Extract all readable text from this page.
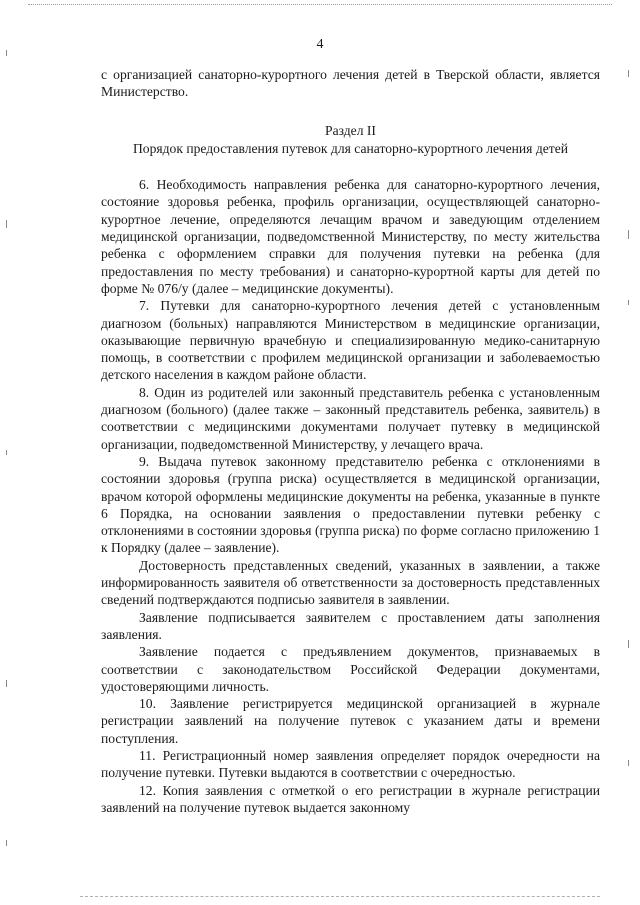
4

с организацией санаторно-курортного лечения детей в Тверской области, является Министерство.

Раздел II

Порядок предоставления путевок для санаторно-курортного лечения детей

6. Необходимость направления ребенка для санаторно-курортного лечения, состояние здоровья ребенка, профиль организации, осуществляющей санаторно-курортное лечение, определяются лечащим врачом и заведующим отделением медицинской организации, подведомственной Министерству, по месту жительства ребенка с оформлением справки для получения путевки на ребенка (для предоставления по месту требования) и санаторно-курортной карты для детей по форме № 076/у (далее – медицинские документы).

7. Путевки для санаторно-курортного лечения детей с установленным диагнозом (больных) направляются Министерством в медицинские организации, оказывающие первичную врачебную и специализированную медико-санитарную помощь, в соответствии с профилем медицинской организации и заболеваемостью детского населения в каждом районе области.

8. Один из родителей или законный представитель ребенка с установленным диагнозом (больного) (далее также – законный представитель ребенка, заявитель) в соответствии с медицинскими документами получает путевку в медицинской организации, подведомственной Министерству, у лечащего врача.

9. Выдача путевок законному представителю ребенка с отклонениями в состоянии здоровья (группа риска) осуществляется в медицинской организации, врачом которой оформлены медицинские документы на ребенка, указанные в пункте 6 Порядка, на основании заявления о предоставлении путевки ребенку с отклонениями в состоянии здоровья (группа риска) по форме согласно приложению 1 к Порядку (далее – заявление).

Достоверность представленных сведений, указанных в заявлении, а также информированность заявителя об ответственности за достоверность представленных сведений подтверждаются подписью заявителя в заявлении.

Заявление подписывается заявителем с проставлением даты заполнения заявления.

Заявление подается с предъявлением документов, признаваемых в соответствии с законодательством Российской Федерации документами, удостоверяющими личность.

10. Заявление регистрируется медицинской организацией в журнале регистрации заявлений на получение путевок с указанием даты и времени поступления.

11. Регистрационный номер заявления определяет порядок очередности на получение путевки. Путевки выдаются в соответствии с очередностью.

12. Копия заявления с отметкой о его регистрации в журнале регистрации заявлений на получение путевок выдается законному
